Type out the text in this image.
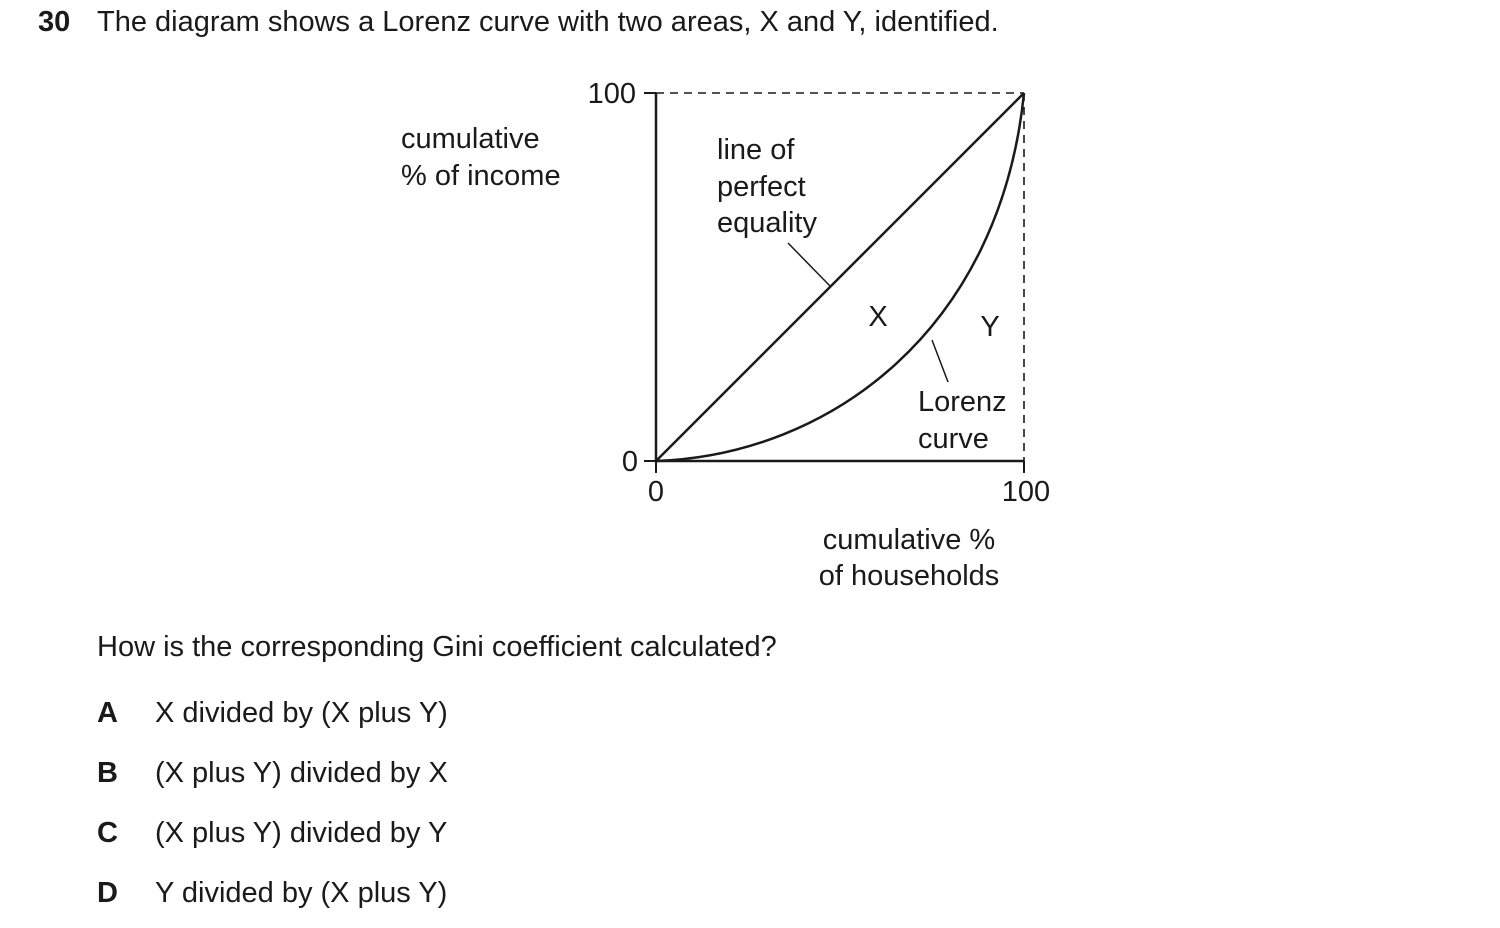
30 The diagram shows a Lorenz curve with two areas, X and Y, identified.
100
0
0	100
cumulative
% of income
cumulative %
of households
line of
perfect
equality
X	Y
Lorenz
curve
How is the corresponding Gini coefficient calculated?
A	X divided by (X plus Y)
B	(X plus Y) divided by X
C	(X plus Y) divided by Y
D	Y divided by (X plus Y)
